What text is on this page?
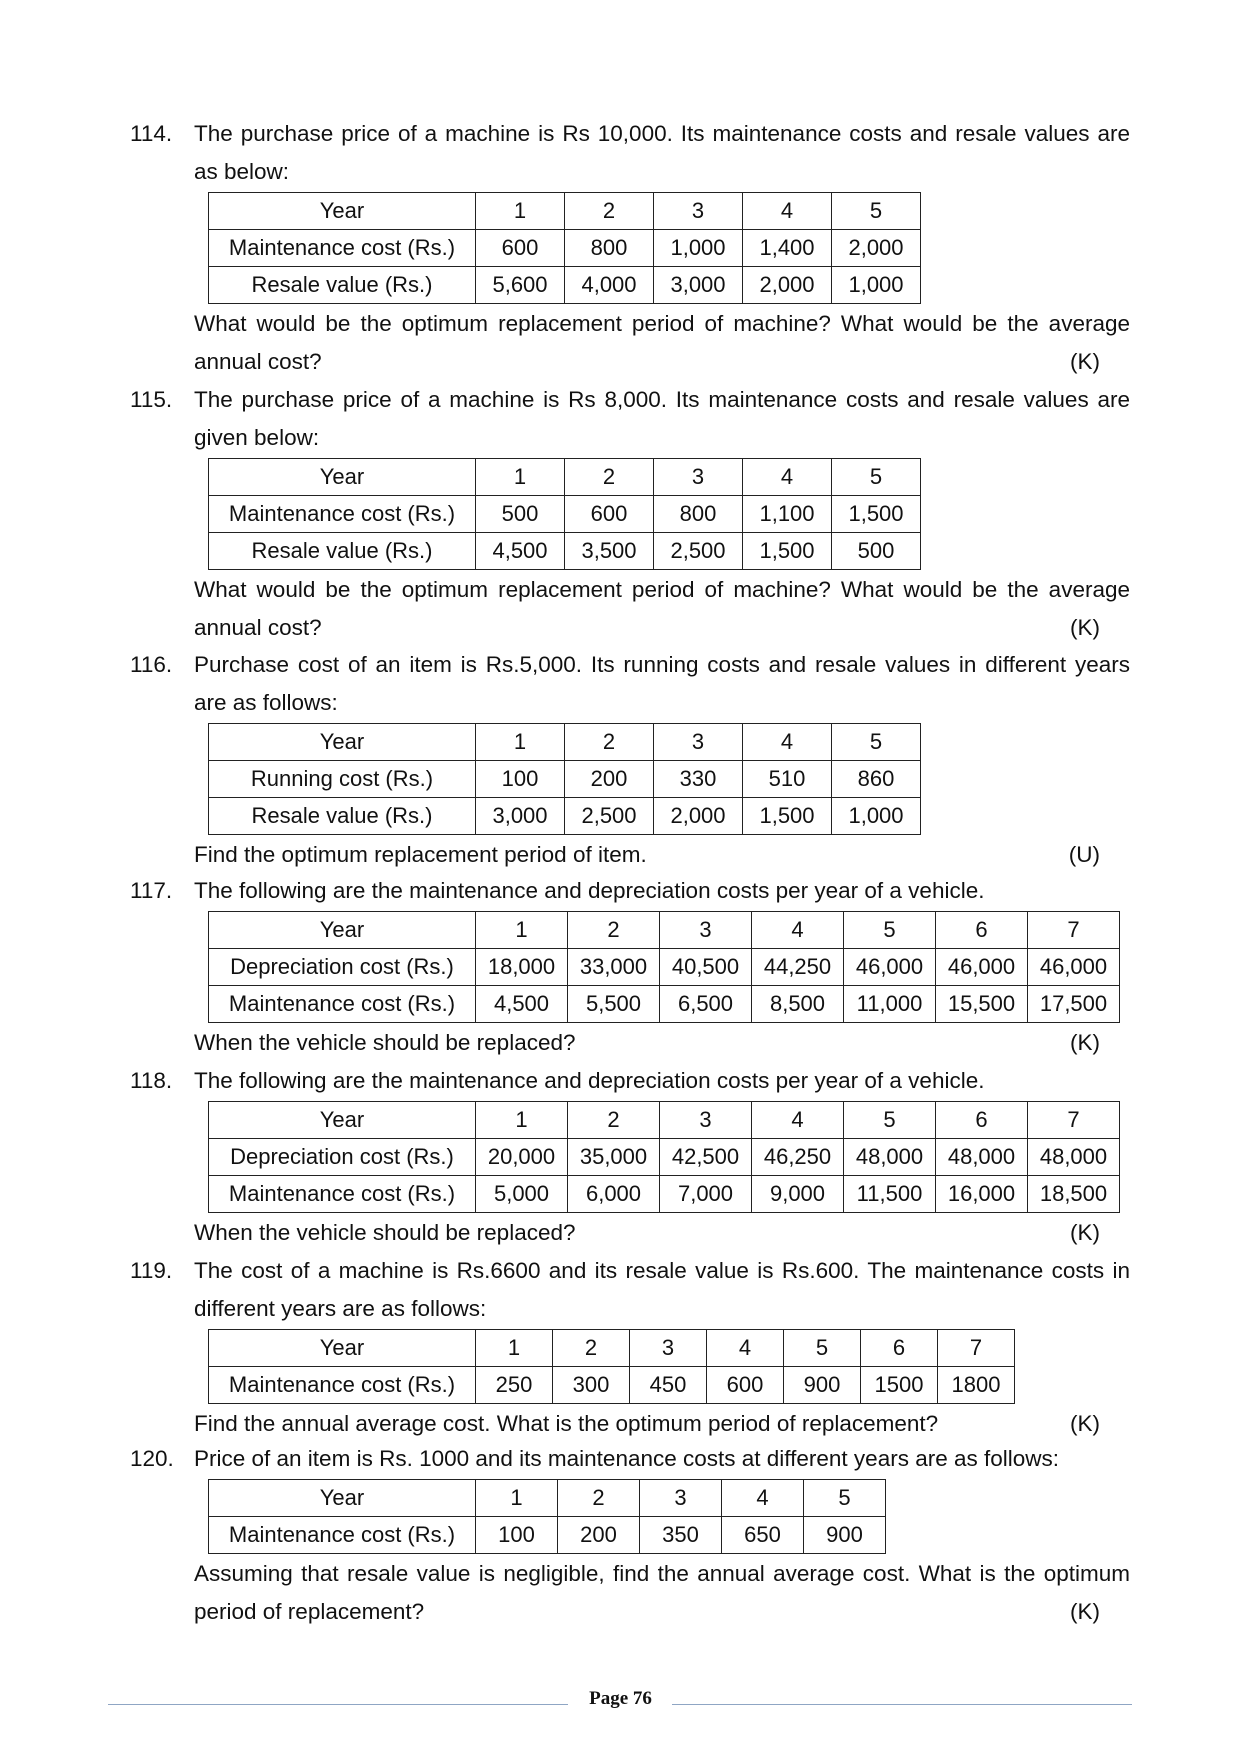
114. The purchase price of a machine is Rs 10,000. Its maintenance costs and resale values are
as below:
Year	1	2	3	4	5
Maintenance cost (Rs.)	600	800	1,000	1,400	2,000
Resale value (Rs.)	5,600	4,000	3,000	2,000	1,000
What would be the optimum replacement period of machine? What would be the average
annual cost?	(K)
115. The purchase price of a machine is Rs 8,000. Its maintenance costs and resale values are
given below:
Year	1	2	3	4	5
Maintenance cost (Rs.)	500	600	800	1,100	1,500
Resale value (Rs.)	4,500	3,500	2,500	1,500	500
What would be the optimum replacement period of machine? What would be the average
annual cost?	(K)
116. Purchase cost of an item is Rs.5,000. Its running costs and resale values in different years
are as follows:
Year	1	2	3	4	5
Running cost (Rs.)	100	200	330	510	860
Resale value (Rs.)	3,000	2,500	2,000	1,500	1,000
Find the optimum replacement period of item.	(U)
117. The following are the maintenance and depreciation costs per year of a vehicle.
Year	1	2	3	4	5	6	7
Depreciation cost (Rs.)	18,000	33,000	40,500	44,250	46,000	46,000	46,000
Maintenance cost (Rs.)	4,500	5,500	6,500	8,500	11,000	15,500	17,500
When the vehicle should be replaced?	(K)
118. The following are the maintenance and depreciation costs per year of a vehicle.
Year	1	2	3	4	5	6	7
Depreciation cost (Rs.)	20,000	35,000	42,500	46,250	48,000	48,000	48,000
Maintenance cost (Rs.)	5,000	6,000	7,000	9,000	11,500	16,000	18,500
When the vehicle should be replaced?	(K)
119. The cost of a machine is Rs.6600 and its resale value is Rs.600. The maintenance costs in
different years are as follows:
Year	1	2	3	4	5	6	7
Maintenance cost (Rs.)	250	300	450	600	900	1500	1800
Find the annual average cost. What is the optimum period of replacement?	(K)
120. Price of an item is Rs. 1000 and its maintenance costs at different years are as follows:
Year	1	2	3	4	5
Maintenance cost (Rs.)	100	200	350	650	900
Assuming that resale value is negligible, find the annual average cost. What is the optimum
period of replacement?	(K)
Page 76
